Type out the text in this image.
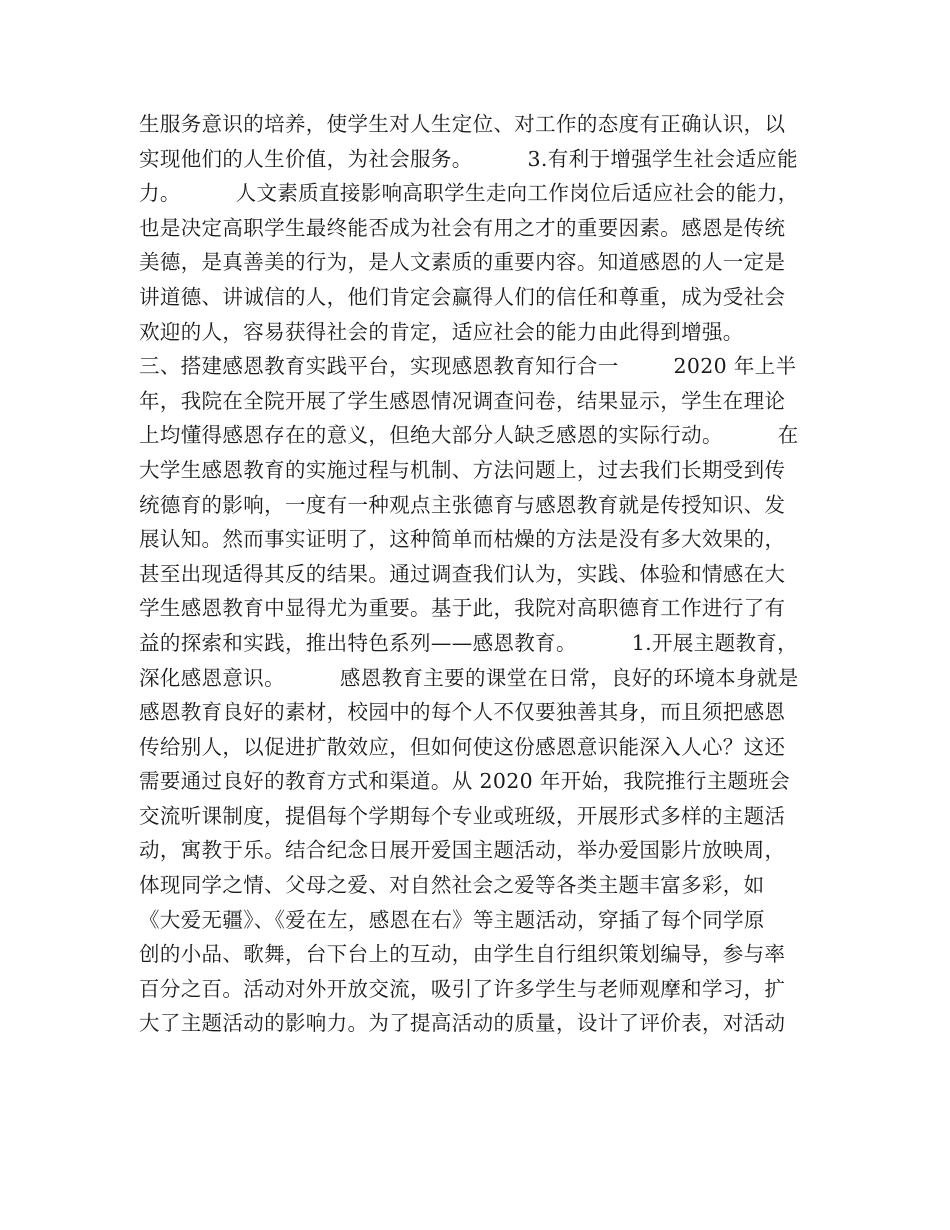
生服务意识的培养，使学生对人生定位、对工作的态度有正确认识，以
实现他们的人生价值，为社会服务。        3.有利于增强学生社会适应能
力。        人文素质直接影响高职学生走向工作岗位后适应社会的能力，
也是决定高职学生最终能否成为社会有用之才的重要因素。感恩是传统
美德，是真善美的行为，是人文素质的重要内容。知道感恩的人一定是
讲道德、讲诚信的人，他们肯定会赢得人们的信任和尊重，成为受社会
欢迎的人，容易获得社会的肯定，适应社会的能力由此得到增强。
三、搭建感恩教育实践平台，实现感恩教育知行合一        2020 年上半
年，我院在全院开展了学生感恩情况调查问卷，结果显示，学生在理论
上均懂得感恩存在的意义，但绝大部分人缺乏感恩的实际行动。        在
大学生感恩教育的实施过程与机制、方法问题上，过去我们长期受到传
统德育的影响，一度有一种观点主张德育与感恩教育就是传授知识、发
展认知。然而事实证明了，这种简单而枯燥的方法是没有多大效果的，
甚至出现适得其反的结果。通过调查我们认为，实践、体验和情感在大
学生感恩教育中显得尤为重要。基于此，我院对高职德育工作进行了有
益的探索和实践，推出特色系列——感恩教育。        1.开展主题教育，
深化感恩意识。        感恩教育主要的课堂在日常，良好的环境本身就是
感恩教育良好的素材，校园中的每个人不仅要独善其身，而且须把感恩
传给别人，以促进扩散效应，但如何使这份感恩意识能深入人心？这还
需要通过良好的教育方式和渠道。从 2020 年开始，我院推行主题班会
交流听课制度，提倡每个学期每个专业或班级，开展形式多样的主题活
动，寓教于乐。结合纪念日展开爱国主题活动，举办爱国影片放映周，
体现同学之情、父母之爱、对自然社会之爱等各类主题丰富多彩，如
《大爱无疆》、《爱在左，感恩在右》等主题活动，穿插了每个同学原
创的小品、歌舞，台下台上的互动，由学生自行组织策划编导，参与率
百分之百。活动对外开放交流，吸引了许多学生与老师观摩和学习，扩
大了主题活动的影响力。为了提高活动的质量，设计了评价表，对活动
